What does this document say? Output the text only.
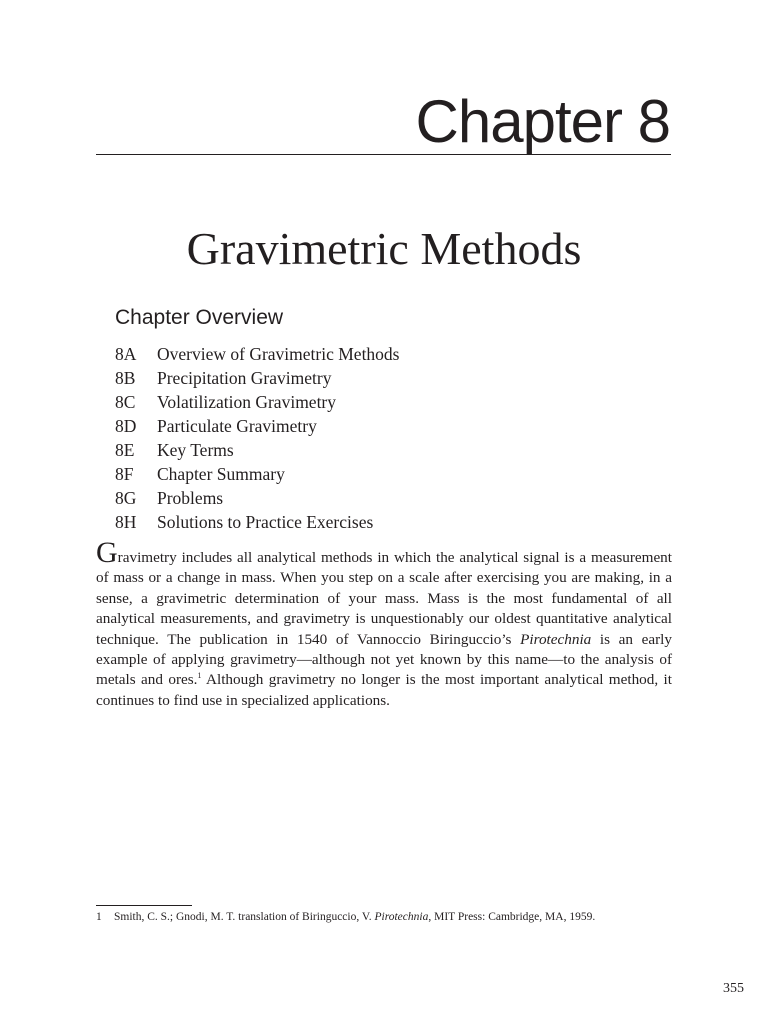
Chapter 8
Gravimetric Methods
Chapter Overview
8A Overview of Gravimetric Methods
8B Precipitation Gravimetry
8C Volatilization Gravimetry
8D Particulate Gravimetry
8E Key Terms
8F Chapter Summary
8G Problems
8H Solutions to Practice Exercises

Gravimetry includes all analytical methods in which the analytical signal is a measurement of mass or a change in mass. When you step on a scale after exercising you are making, in a sense, a gravimetric determination of your mass. Mass is the most fundamental of all analytical measurements, and gravimetry is unquestionably our oldest quantitative analytical technique. The publication in 1540 of Vannoccio Biringuccio’s Pirotechnia is an early example of applying gravimetry—although not yet known by this name—to the analysis of metals and ores.$^1$ Although gravimetry no longer is the most important analytical method, it continues to find use in specialized applications.

1 Smith, C. S.; Gnodi, M. T. translation of Biringuccio, V. Pirotechnia, MIT Press: Cambridge, MA, 1959.
355
